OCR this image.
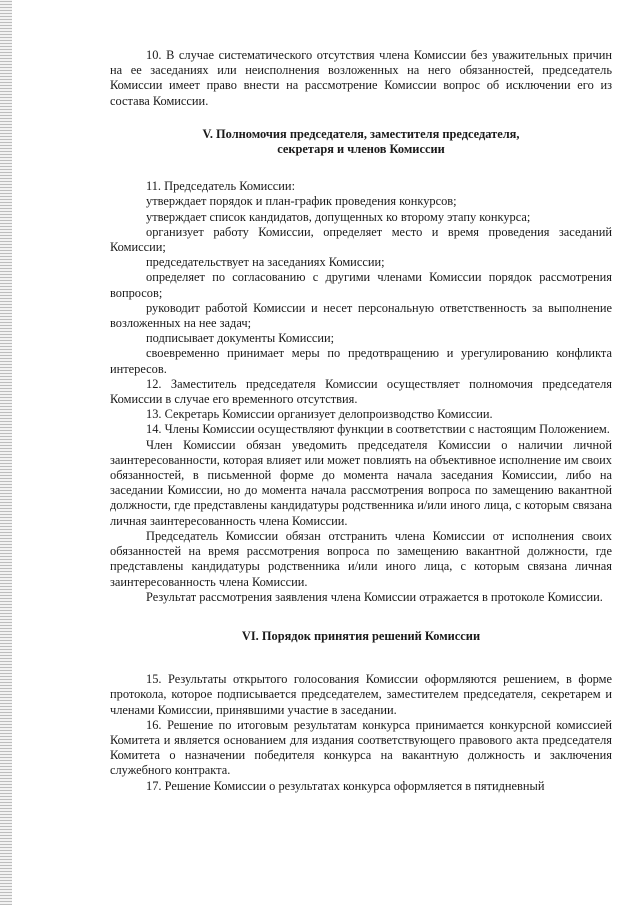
10. В случае систематического отсутствия члена Комиссии без уважительных причин на ее заседаниях или неисполнения возложенных на него обязанностей, председатель Комиссии имеет право внести на рассмотрение Комиссии вопрос об исключении его из состава Комиссии.

V. Полномочия председателя, заместителя председателя,
секретаря и членов Комиссии

11. Председатель Комиссии:

утверждает порядок и план-график проведения конкурсов;

утверждает список кандидатов, допущенных ко второму этапу конкурса;

организует работу Комиссии, определяет место и время проведения заседаний Комиссии;

председательствует на заседаниях Комиссии;

определяет по согласованию с другими членами Комиссии порядок рассмотрения вопросов;

руководит работой Комиссии и несет персональную ответственность за выполнение возложенных на нее задач;

подписывает документы Комиссии;

своевременно принимает меры по предотвращению и урегулированию конфликта интересов.

12. Заместитель председателя Комиссии осуществляет полномочия председателя Комиссии в случае его временного отсутствия.

13. Секретарь Комиссии организует делопроизводство Комиссии.

14. Члены Комиссии осуществляют функции в соответствии с настоящим Положением.

Член Комиссии обязан уведомить председателя Комиссии о наличии личной заинтересованности, которая влияет или может повлиять на объективное исполнение им своих обязанностей, в письменной форме до момента начала заседания Комиссии, либо на заседании Комиссии, но до момента начала рассмотрения вопроса по замещению вакантной должности, где представлены кандидатуры родственника и/или иного лица, с которым связана личная заинтересованность члена Комиссии.

Председатель Комиссии обязан отстранить члена Комиссии от исполнения своих обязанностей на время рассмотрения вопроса по замещению вакантной должности, где представлены кандидатуры родственника и/или иного лица, с которым связана личная заинтересованность члена Комиссии.

Результат рассмотрения заявления члена Комиссии отражается в протоколе Комиссии.

VI. Порядок принятия решений Комиссии

15. Результаты открытого голосования Комиссии оформляются решением, в форме протокола, которое подписывается председателем, заместителем председателя, секретарем и членами Комиссии, принявшими участие в заседании.

16. Решение по итоговым результатам конкурса принимается конкурсной комиссией Комитета и является основанием для издания соответствующего правового акта председателя Комитета о назначении победителя конкурса на вакантную должность и заключения служебного контракта.

17. Решение Комиссии о результатах конкурса оформляется в пятидневный
